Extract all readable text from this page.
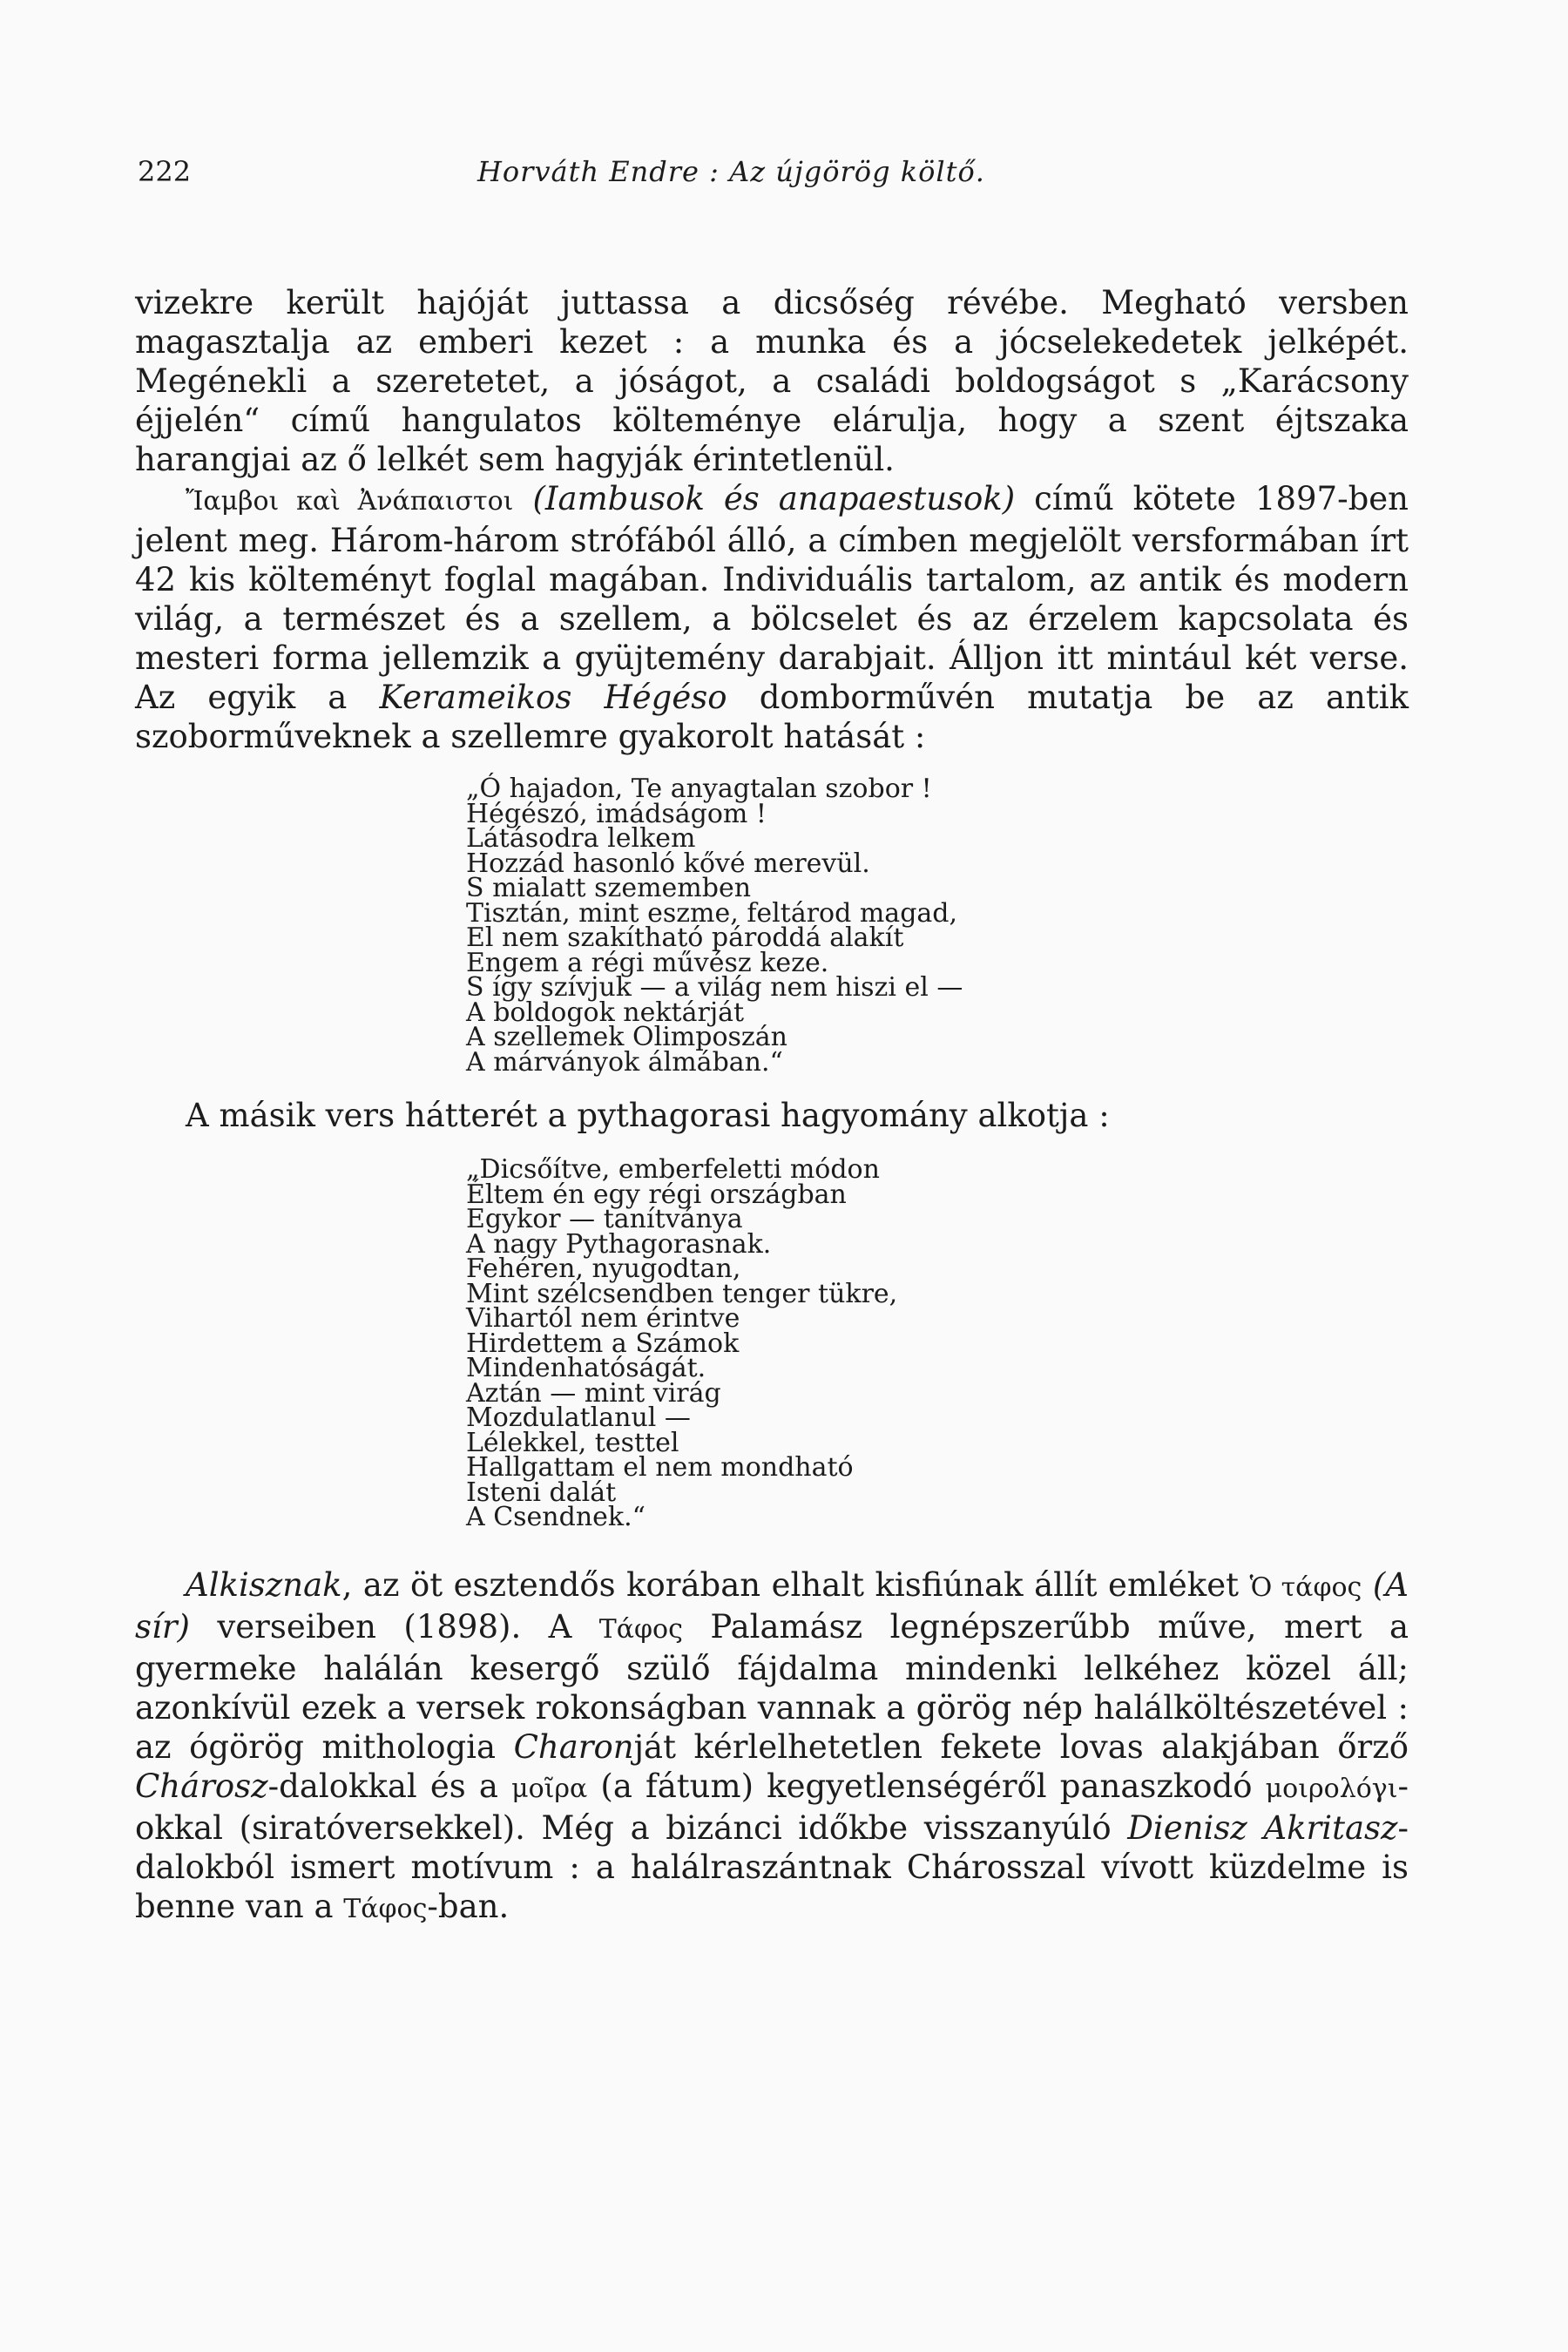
222	Horváth Endre : Az újgörög költő.

vizekre került hajóját juttassa a dicsőség révébe. Megható versben magasztalja az emberi kezet : a munka és a jócselekedetek jelképét. Megénekli a szeretetet, a jóságot, a családi boldogságot s „Karácsony éjjelén“ című hangulatos költeménye elárulja, hogy a szent éjtszaka harangjai az ő lelkét sem hagyják érintetlenül.

Ἴαμβοι καὶ Ἀνάπαιστοι (Iambusok és anapaestusok) című kötete 1897-ben jelent meg. Három-három strófából álló, a címben megjelölt versformában írt 42 kis költeményt foglal magában. Individuális tartalom, az antik és modern világ, a természet és a szellem, a bölcselet és az érzelem kapcsolata és mesteri forma jellemzik a gyüjtemény darabjait. Álljon itt mintául két verse. Az egyik a Kerameikos Hégéso domborművén mutatja be az antik szoborműveknek a szellemre gyakorolt hatását :

„Ó hajadon, Te anyagtalan szobor !
Hégészó, imádságom !
Látásodra lelkem
Hozzád hasonló kővé merevül.
S mialatt szememben
Tisztán, mint eszme, feltárod magad,
El nem szakítható pároddá alakít
Engem a régi művész keze.
S így szívjuk — a világ nem hiszi el —
A boldogok nektárját
A szellemek Olimposzán
A márványok álmában.“

A másik vers hátterét a pythagorasi hagyomány alkotja :

„Dicsőítve, emberfeletti módon
Éltem én egy régi országban
Egykor — tanítványa
A nagy Pythagorasnak.
Fehéren, nyugodtan,
Mint szélcsendben tenger tükre,
Vihartól nem érintve
Hirdettem a Számok
Mindenhatóságát.
Aztán — mint virág
Mozdulatlanul —
Lélekkel, testtel
Hallgattam el nem mondható
Isteni dalát
A Csendnek.“

Alkisznak, az öt esztendős korában elhalt kisfiúnak állít emléket Ὁ τάφος (A sír) verseiben (1898). A Τάφος Palamász legnépszerűbb műve, mert a gyermeke halálán kesergő szülő fájdalma mindenki lelkéhez közel áll; azonkívül ezek a versek rokonságban vannak a görög nép halálköltészetével : az ógörög mithologia Charonját kérlelhetetlen fekete lovas alakjában őrző Chárosz-dalokkal és a μοῖρα (a fátum) kegyetlenségéről panaszkodó μοιρολόγι-okkal (siratóversekkel). Még a bizánci időkbe visszanyúló Dienisz Akritasz-dalokból ismert motívum : a halálraszántnak Chárosszal vívott küzdelme is benne van a Τάφος-ban.
